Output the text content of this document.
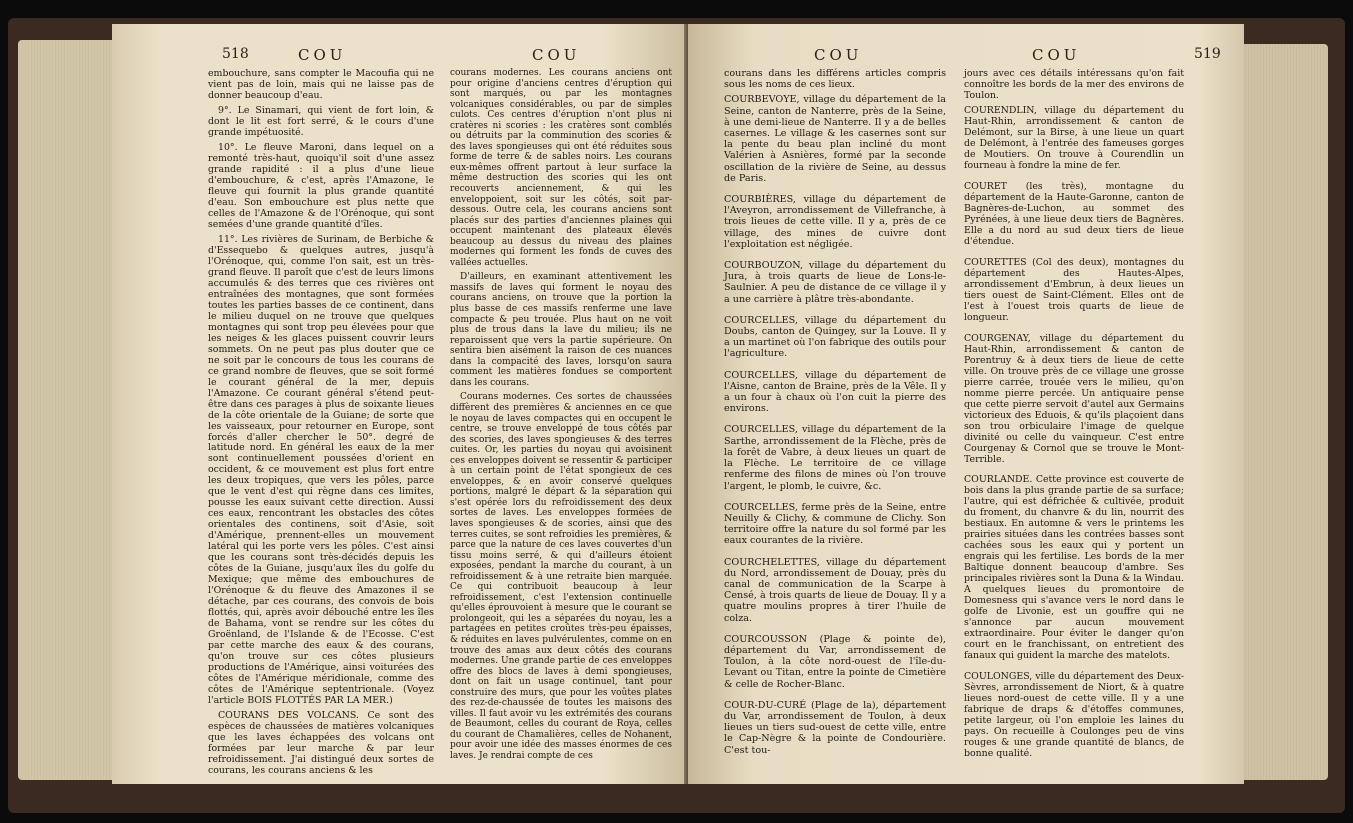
518	COU	COU

embouchure, sans compter le Macoufia qui ne vient pas de loin, mais qui ne laisse pas de donner beaucoup d'eau.

9°. Le Sinamari, qui vient de fort loin, & dont le lit est fort serré, & le cours d'une grande impétuosité.

10°. Le fleuve Maroni, dans lequel on a remonté très-haut, quoiqu'il soit d'une assez grande rapidité : il a plus d'une lieue d'embouchure, & c'est, après l'Amazone, le fleuve qui fournit la plus grande quantité d'eau. Son embouchure est plus nette que celles de l'Amazone & de l'Orénoque, qui sont semées d'une grande quantité d'îles.

11°. Les rivières de Surinam, de Berbiche & d'Essequebo & quelques autres, jusqu'à l'Orénoque, qui, comme l'on sait, est un très-grand fleuve. Il paroît que c'est de leurs limons accumulés & des terres que ces rivières ont entraînées des montagnes, que sont formées toutes les parties basses de ce continent, dans le milieu duquel on ne trouve que quelques montagnes qui sont trop peu élevées pour que les neiges & les glaces puissent couvrir leurs sommets. On ne peut pas plus douter que ce ne soit par le concours de tous les courans de ce grand nombre de fleuves, que se soit formé le courant général de la mer, depuis l'Amazone. Ce courant général s'étend peut-être dans ces parages à plus de soixante lieues de la côte orientale de la Guiane; de sorte que les vaisseaux, pour retourner en Europe, sont forcés d'aller chercher le 50°. degré de latitude nord. En général les eaux de la mer sont continuellement poussées d'orient en occident, & ce mouvement est plus fort entre les deux tropiques, que vers les pôles, parce que le vent d'est qui règne dans ces limites, pousse les eaux suivant cette direction. Aussi ces eaux, rencontrant les obstacles des côtes orientales des continens, soit d'Asie, soit d'Amérique, prennent-elles un mouvement latéral qui les porte vers les pôles. C'est ainsi que les courans sont très-décidés depuis les côtes de la Guiane, jusqu'aux îles du golfe du Mexique; que même des embouchures de l'Orénoque & du fleuve des Amazones il se détache, par ces courans, des convois de bois flottés, qui, après avoir débouché entre les îles de Bahama, vont se rendre sur les côtes du Groënland, de l'Islande & de l'Ecosse. C'est par cette marche des eaux & des courans, qu'on trouve sur ces côtes plusieurs productions de l'Amérique, ainsi voiturées des côtes de l'Amérique méridionale, comme des côtes de l'Amérique septentrionale. (Voyez l'article BOIS FLOTTÉS PAR LA MER.)

COURANS DES VOLCANS. Ce sont des espèces de chaussées de matières volcaniques que les laves échappées des volcans ont formées par leur marche & par leur refroidissement. J'ai distingué deux sortes de courans, les courans anciens & les

courans modernes. Les courans anciens ont pour origine d'anciens centres d'éruption qui sont marqués, ou par les montagnes volcaniques considérables, ou par de simples culots. Ces centres d'éruption n'ont plus ni cratères ni scories : les cratères sont comblés ou détruits par la comminution des scories & des laves spongieuses qui ont été réduites sous forme de terre & de sables noirs. Les courans eux-mêmes offrent partout à leur surface la même destruction des scories qui les ont recouverts anciennement, & qui les enveloppoient, soit sur les côtés, soit par-dessous. Outre cela, les courans anciens sont placés sur des parties d'anciennes plaines qui occupent maintenant des plateaux élevés beaucoup au dessus du niveau des plaines modernes qui forment les fonds de cuves des vallées actuelles.

D'ailleurs, en examinant attentivement les massifs de laves qui forment le noyau des courans anciens, on trouve que la portion la plus basse de ces massifs renferme une lave compacte & peu trouée. Plus haut on ne voit plus de trous dans la lave du milieu; ils ne reparoissent que vers la partie supérieure. On sentira bien aisément la raison de ces nuances dans la compacité des laves, lorsqu'on saura comment les matières fondues se comportent dans les courans.

Courans modernes. Ces sortes de chaussées diffèrent des premières & anciennes en ce que le noyau de laves compactes qui en occupent le centre, se trouve enveloppé de tous côtés par des scories, des laves spongieuses & des terres cuites. Or, les parties du noyau qui avoisinent ces enveloppes doivent se ressentir & participer à un certain point de l'état spongieux de ces enveloppes, & en avoir conservé quelques portions, malgré le départ & la séparation qui s'est opérée lors du refroidissement des deux sortes de laves. Les enveloppes formées de laves spongieuses & de scories, ainsi que des terres cuites, se sont refroidies les premières, & parce que la nature de ces laves couvertes d'un tissu moins serré, & qui d'ailleurs étoient exposées, pendant la marche du courant, à un refroidissement & à une retraite bien marquée. Ce qui contribuoit beaucoup à leur refroidissement, c'est l'extension continuelle qu'elles éprouvoient à mesure que le courant se prolongeoit, qui les a séparées du noyau, les a partagées en petites croûtes très-peu épaisses, & réduites en laves pulvérulentes, comme on en trouve des amas aux deux côtés des courans modernes. Une grande partie de ces enveloppes offre des blocs de laves à demi spongieuses, dont on fait un usage continuel, tant pour construire des murs, que pour les voûtes plates des rez-de-chaussée de toutes les maisons des villes. Il faut avoir vu les extrémités des courans de Beaumont, celles du courant de Roya, celles du courant de Chamalières, celles de Nohanent, pour avoir une idée des masses énormes de ces laves. Je rendrai compte de ces

COU	COU	519

courans dans les différens articles compris sous les noms de ces lieux.

COURBEVOYE, village du département de la Seine, canton de Nanterre, près de la Seine, à une demi-lieue de Nanterre. Il y a de belles casernes. Le village & les casernes sont sur la pente du beau plan incliné du mont Valérien à Asnières, formé par la seconde oscillation de la rivière de Seine, au dessus de Paris.

COURBIÈRES, village du département de l'Aveyron, arrondissement de Villefranche, à trois lieues de cette ville. Il y a, près de ce village, des mines de cuivre dont l'exploitation est négligée.

COURBOUZON, village du département du Jura, à trois quarts de lieue de Lons-le-Saulnier. A peu de distance de ce village il y a une carrière à plâtre très-abondante.

COURCELLES, village du département du Doubs, canton de Quingey, sur la Louve. Il y a un martinet où l'on fabrique des outils pour l'agriculture.

COURCELLES, village du département de l'Aisne, canton de Braine, près de la Vêle. Il y a un four à chaux où l'on cuit la pierre des environs.

COURCELLES, village du département de la Sarthe, arrondissement de la Flèche, près de la forêt de Vabre, à deux lieues un quart de la Flèche. Le territoire de ce village renferme des filons de mines où l'on trouve l'argent, le plomb, le cuivre, &c.

COURCELLES, ferme près de la Seine, entre Neuilly & Clichy, & commune de Clichy. Son territoire offre la nature du sol formé par les eaux courantes de la rivière.

COURCHELETTES, village du département du Nord, arrondissement de Douay, près du canal de communication de la Scarpe à Censé, à trois quarts de lieue de Douay. Il y a quatre moulins propres à tirer l'huile de colza.

COURCOUSSON (Plage & pointe de), département du Var, arrondissement de Toulon, à la côte nord-ouest de l'île-du-Levant ou Titan, entre la pointe de Cimetière & celle de Rocher-Blanc.

COUR-DU-CURÉ (Plage de la), département du Var, arrondissement de Toulon, à deux lieues un tiers sud-ouest de cette ville, entre le Cap-Nègre & la pointe de Condourière. C'est tou-

jours avec ces détails intéressans qu'on fait connoître les bords de la mer des environs de Toulon.

COURENDLIN, village du département du Haut-Rhin, arrondissement & canton de Delémont, sur la Birse, à une lieue un quart de Delémont, à l'entrée des fameuses gorges de Moutiers. On trouve à Courendlin un fourneau à fondre la mine de fer.

COURET (les très), montagne du département de la Haute-Garonne, canton de Bagnères-de-Luchon, au sommet des Pyrénées, à une lieue deux tiers de Bagnères. Elle a du nord au sud deux tiers de lieue d'étendue.

COURETTES (Col des deux), montagnes du département des Hautes-Alpes, arrondissement d'Embrun, à deux lieues un tiers ouest de Saint-Clément. Elles ont de l'est à l'ouest trois quarts de lieue de longueur.

COURGENAY, village du département du Haut-Rhin, arrondissement & canton de Porentruy & à deux tiers de lieue de cette ville. On trouve près de ce village une grosse pierre carrée, trouée vers le milieu, qu'on nomme pierre percée. Un antiquaire pense que cette pierre servoit d'autel aux Germains victorieux des Eduois, & qu'ils plaçoient dans son trou orbiculaire l'image de quelque divinité ou celle du vainqueur. C'est entre Courgenay & Cornol que se trouve le Mont-Terrible.

COURLANDE. Cette province est couverte de bois dans la plus grande partie de sa surface; l'autre, qui est défrichée & cultivée, produit du froment, du chanvre & du lin, nourrit des bestiaux. En automne & vers le printems les prairies situées dans les contrées basses sont cachées sous les eaux qui y portent un engrais qui les fertilise. Les bords de la mer Baltique donnent beaucoup d'ambre. Ses principales rivières sont la Duna & la Windau. A quelques lieues du promontoire de Domesness qui s'avance vers le nord dans le golfe de Livonie, est un gouffre qui ne s'annonce par aucun mouvement extraordinaire. Pour éviter le danger qu'on court en le franchissant, on entretient des fanaux qui guident la marche des matelots.

COULONGES, ville du département des Deux-Sèvres, arrondissement de Niort, & à quatre lieues nord-ouest de cette ville. Il y a une fabrique de draps & d'étoffes communes, petite largeur, où l'on emploie les laines du pays. On recueille à Coulonges peu de vins rouges & une grande quantité de blancs, de bonne qualité.
